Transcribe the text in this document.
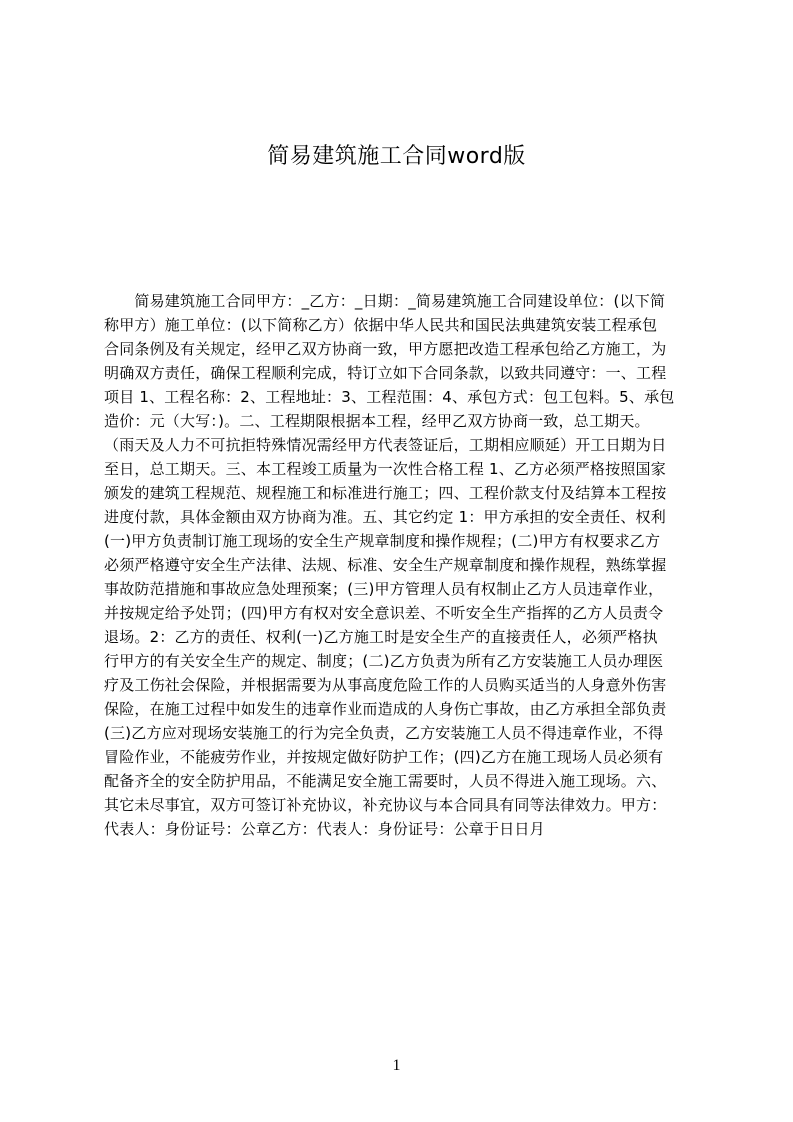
简易建筑施工合同word版
　　简易建筑施工合同甲方：_乙方：_日期：_简易建筑施工合同建设单位：(以下简
称甲方）施工单位：(以下简称乙方）依据中华人民共和国民法典建筑安装工程承包
合同条例及有关规定，经甲乙双方协商一致，甲方愿把改造工程承包给乙方施工，为
明确双方责任，确保工程顺利完成，特订立如下合同条款，以致共同遵守：一、工程
项目 1、工程名称：2、工程地址：3、工程范围：4、承包方式：包工包料。5、承包
造价：元（大写：)。二、工程期限根据本工程，经甲乙双方协商一致，总工期天。
（雨天及人力不可抗拒特殊情况需经甲方代表签证后，工期相应顺延）开工日期为日
至日，总工期天。三、本工程竣工质量为一次性合格工程 1、乙方必须严格按照国家
颁发的建筑工程规范、规程施工和标准进行施工；四、工程价款支付及结算本工程按
进度付款，具体金额由双方协商为准。五、其它约定 1：甲方承担的安全责任、权利
(一)甲方负责制订施工现场的安全生产规章制度和操作规程；(二)甲方有权要求乙方
必须严格遵守安全生产法律、法规、标准、安全生产规章制度和操作规程，熟练掌握
事故防范措施和事故应急处理预案；(三)甲方管理人员有权制止乙方人员违章作业，
并按规定给予处罚；(四)甲方有权对安全意识差、不听安全生产指挥的乙方人员责令
退场。2：乙方的责任、权利(一)乙方施工时是安全生产的直接责任人，必须严格执
行甲方的有关安全生产的规定、制度；(二)乙方负责为所有乙方安装施工人员办理医
疗及工伤社会保险，并根据需要为从事高度危险工作的人员购买适当的人身意外伤害
保险，在施工过程中如发生的违章作业而造成的人身伤亡事故，由乙方承担全部负责
(三)乙方应对现场安装施工的行为完全负责，乙方安装施工人员不得违章作业，不得
冒险作业，不能疲劳作业，并按规定做好防护工作；(四)乙方在施工现场人员必须有
配备齐全的安全防护用品，不能满足安全施工需要时，人员不得进入施工现场。六、
其它未尽事宜，双方可签订补充协议，补充协议与本合同具有同等法律效力。甲方：
代表人：身份证号：公章乙方：代表人：身份证号：公章于日日月
1
